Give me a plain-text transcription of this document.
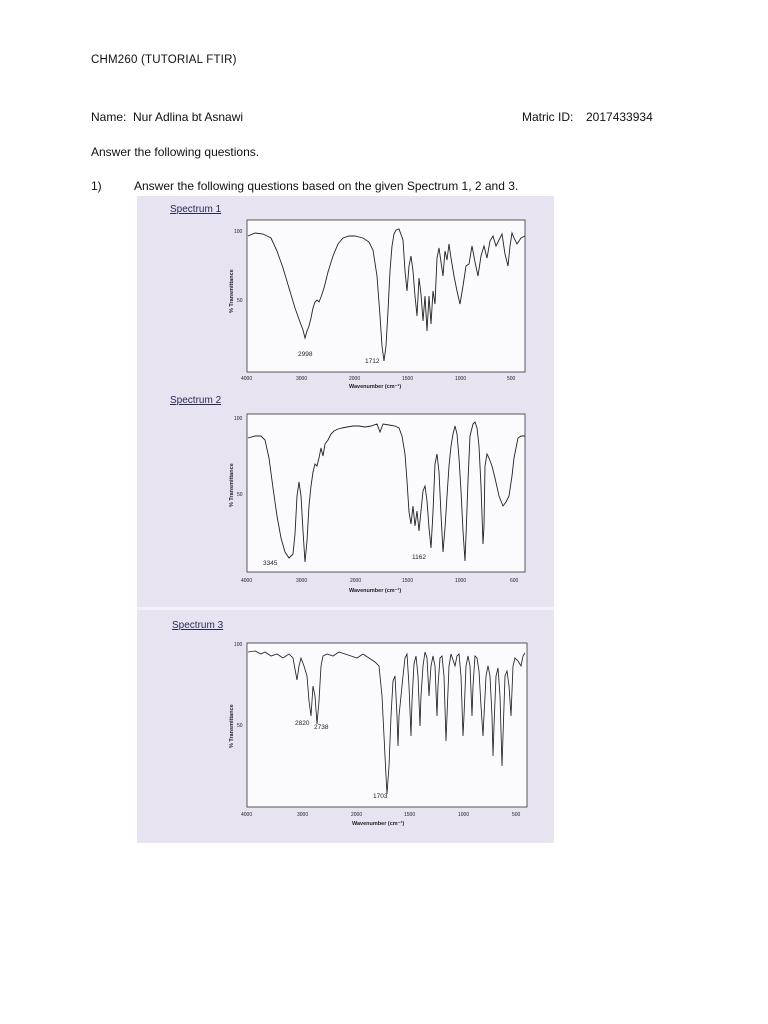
CHM260 (TUTORIAL FTIR)
Name: Nur Adlina bt Asnawi	Matric ID: 2017433934
Answer the following questions.
1)	Answer the following questions based on the given Spectrum 1, 2 and 3.
Spectrum 1
100
50
% Transmittance
4000	3000	2000	1500	1000	500
Wavenumber (cm⁻¹)
2998
1712
Spectrum 2
100
50
% Transmittance
4000	3000	2000	1500	1000	600
Wavenumber (cm⁻¹)
3345
1162
Spectrum 3
100
50
% Transmittance
4000	3000	2000	1500	1000	500
Wavenumber (cm⁻¹)
2820
2738
1703
